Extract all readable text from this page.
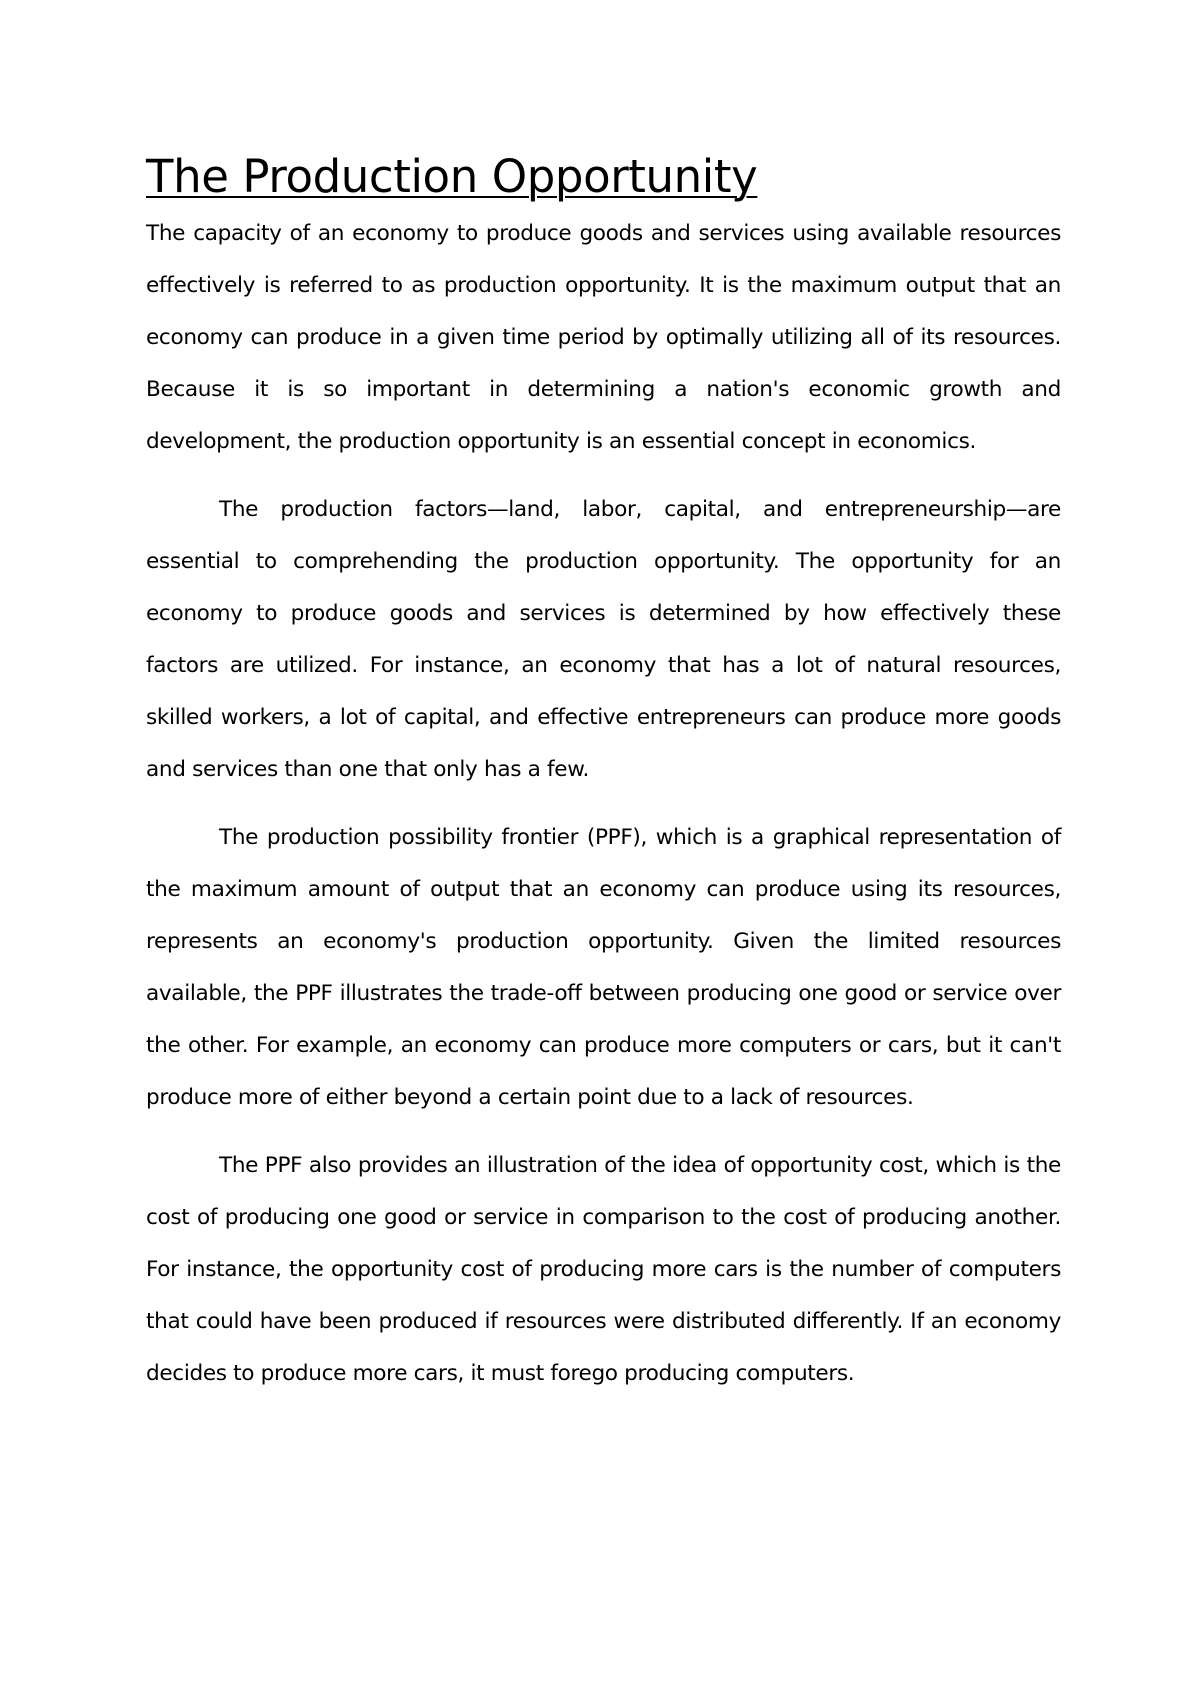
The Production Opportunity

The capacity of an economy to produce goods and services using available resources effectively is referred to as production opportunity. It is the maximum output that an economy can produce in a given time period by optimally utilizing all of its resources. Because it is so important in determining a nation's economic growth and development, the production opportunity is an essential concept in economics.

The production factors—land, labor, capital, and entrepreneurship—are essential to comprehending the production opportunity. The opportunity for an economy to produce goods and services is determined by how effectively these factors are utilized. For instance, an economy that has a lot of natural resources, skilled workers, a lot of capital, and effective entrepreneurs can produce more goods and services than one that only has a few.

The production possibility frontier (PPF), which is a graphical representation of the maximum amount of output that an economy can produce using its resources, represents an economy's production opportunity. Given the limited resources available, the PPF illustrates the trade-off between producing one good or service over the other. For example, an economy can produce more computers or cars, but it can't produce more of either beyond a certain point due to a lack of resources.

The PPF also provides an illustration of the idea of opportunity cost, which is the cost of producing one good or service in comparison to the cost of producing another. For instance, the opportunity cost of producing more cars is the number of computers that could have been produced if resources were distributed differently. If an economy decides to produce more cars, it must forego producing computers.
